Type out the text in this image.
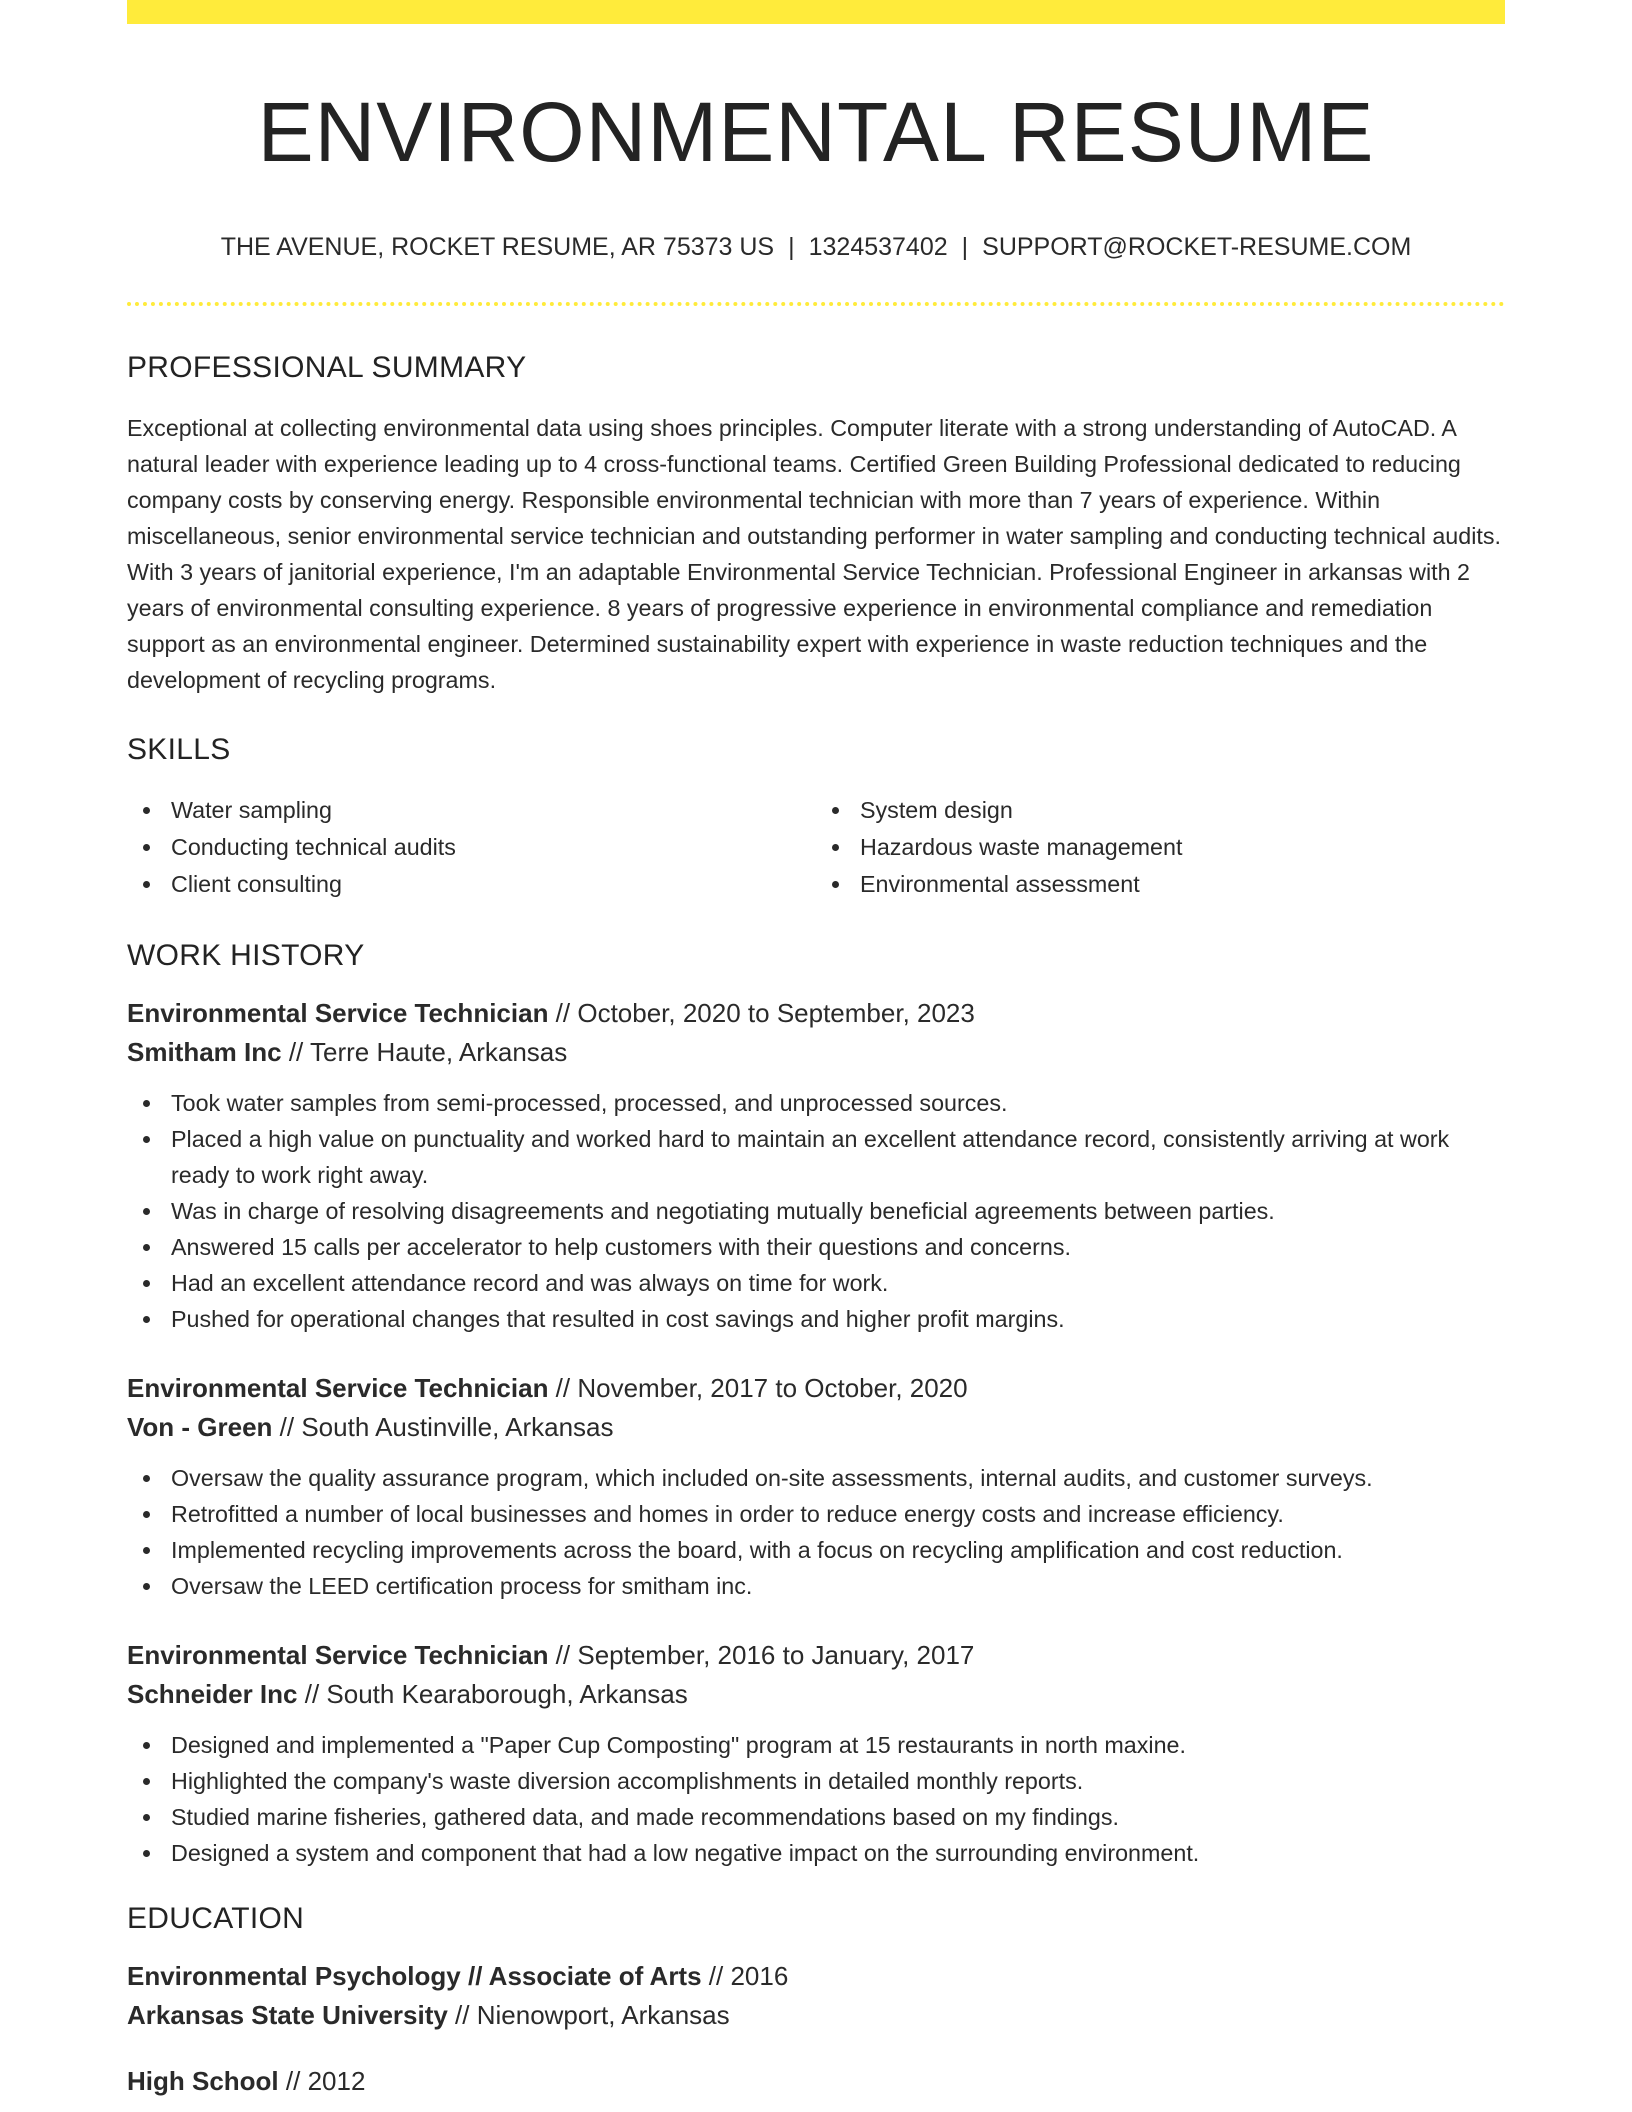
ENVIRONMENTAL RESUME
THE AVENUE, ROCKET RESUME, AR 75373 US | 1324537402 | SUPPORT@ROCKET-RESUME.COM
PROFESSIONAL SUMMARY

Exceptional at collecting environmental data using shoes principles. Computer literate with a strong understanding of AutoCAD. A natural leader with experience leading up to 4 cross-functional teams. Certified Green Building Professional dedicated to reducing company costs by conserving energy. Responsible environmental technician with more than 7 years of experience. Within miscellaneous, senior environmental service technician and outstanding performer in water sampling and conducting technical audits. With 3 years of janitorial experience, I'm an adaptable Environmental Service Technician. Professional Engineer in arkansas with 2 years of environmental consulting experience. 8 years of progressive experience in environmental compliance and remediation support as an environmental engineer. Determined sustainability expert with experience in waste reduction techniques and the development of recycling programs.

SKILLS
Water sampling
Conducting technical audits
Client consulting
System design
Hazardous waste management
Environmental assessment
WORK HISTORY
Environmental Service Technician // October, 2020 to September, 2023
Smitham Inc // Terre Haute, Arkansas
Took water samples from semi-processed, processed, and unprocessed sources.
Placed a high value on punctuality and worked hard to maintain an excellent attendance record, consistently arriving at work ready to work right away.
Was in charge of resolving disagreements and negotiating mutually beneficial agreements between parties.
Answered 15 calls per accelerator to help customers with their questions and concerns.
Had an excellent attendance record and was always on time for work.
Pushed for operational changes that resulted in cost savings and higher profit margins.
Environmental Service Technician // November, 2017 to October, 2020
Von - Green // South Austinville, Arkansas
Oversaw the quality assurance program, which included on-site assessments, internal audits, and customer surveys.
Retrofitted a number of local businesses and homes in order to reduce energy costs and increase efficiency.
Implemented recycling improvements across the board, with a focus on recycling amplification and cost reduction.
Oversaw the LEED certification process for smitham inc.
Environmental Service Technician // September, 2016 to January, 2017
Schneider Inc // South Kearaborough, Arkansas
Designed and implemented a "Paper Cup Composting" program at 15 restaurants in north maxine.
Highlighted the company's waste diversion accomplishments in detailed monthly reports.
Studied marine fisheries, gathered data, and made recommendations based on my findings.
Designed a system and component that had a low negative impact on the surrounding environment.
EDUCATION
Environmental Psychology // Associate of Arts // 2016
Arkansas State University // Nienowport, Arkansas
High School // 2012
